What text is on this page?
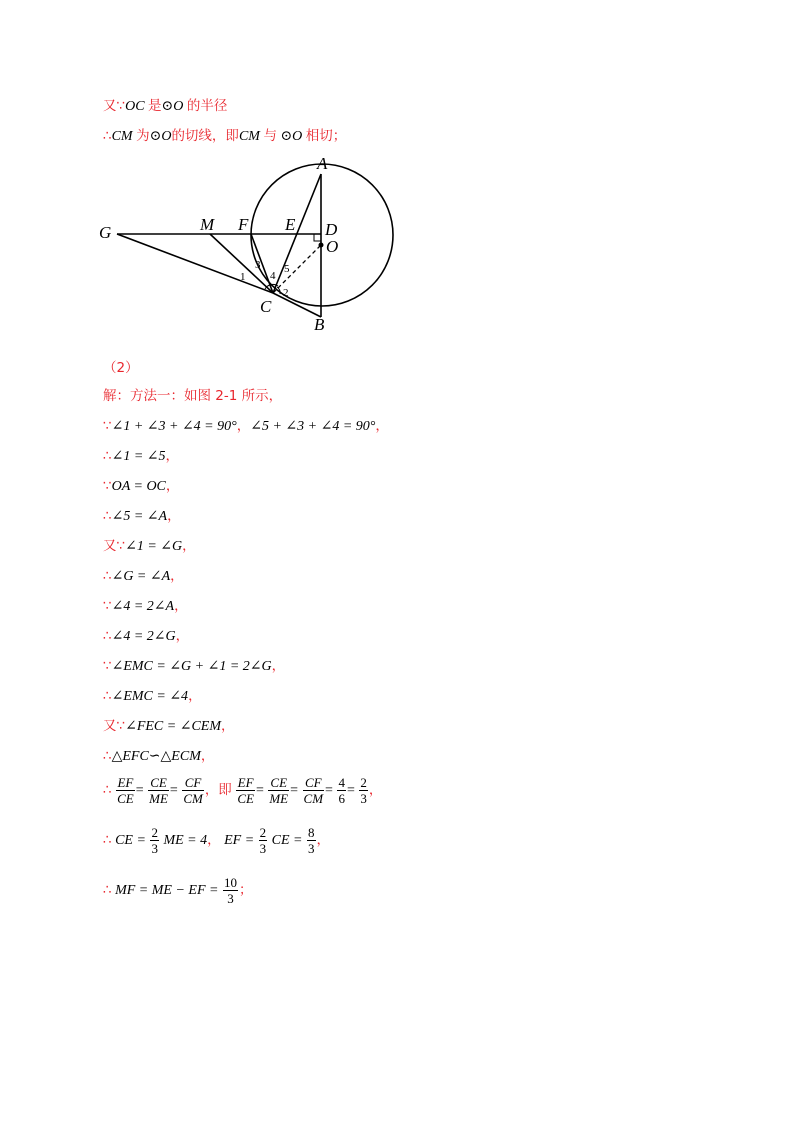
又∵OC 是⊙O 的半径
∴CM 为⊙O的切线，即CM 与 ⊙O 相切；
A
D
O
E
F
M
G
C
B
1
3
4
5
2
（2）
解：方法一：如图 2-1 所示，
∵∠1 + ∠3 + ∠4 = 90°，∠5 + ∠3 + ∠4 = 90°，
∴∠1 = ∠5，
∵OA = OC，
∴∠5 = ∠A，
又∵∠1 = ∠G，
∴∠G = ∠A，
∵∠4 = 2∠A，
∴∠4 = 2∠G，
∵∠EMC = ∠G + ∠1 = 2∠G，
∴∠EMC = ∠4，
又∵∠FEC = ∠CEM，
∴△EFC∽△ECM，
∴ $\frac{EF}{CE} = \frac{CE}{ME} = \frac{CF}{CM}$ ，即 $\frac{EF}{CE} = \frac{CE}{ME} = \frac{CF}{CM} = \frac{4}{6} = \frac{2}{3}$ ，
∴ CE = $\frac{2}{3}$ ME = 4， EF = $\frac{2}{3}$ CE = $\frac{8}{3}$ ，
∴ MF = ME − EF = $\frac{10}{3}$ ；
